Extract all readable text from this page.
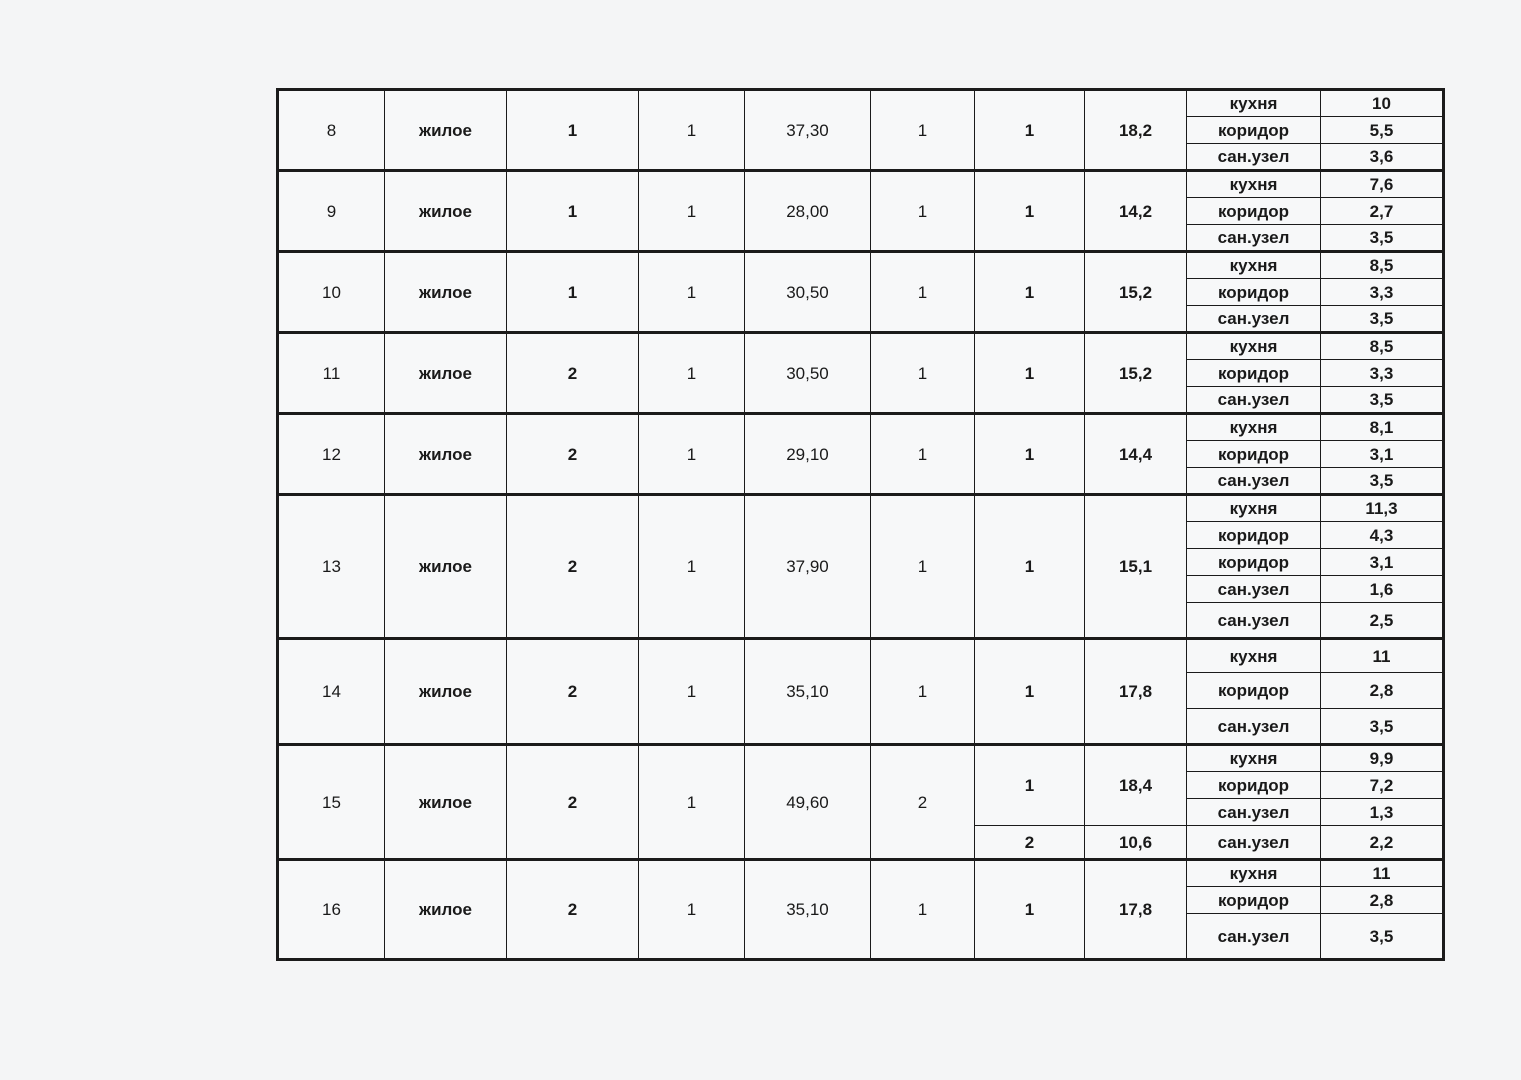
8	жилое	1	1	37,30	1	1	18,2	кухня	10
								коридор	5,5
								сан.узел	3,6
9	жилое	1	1	28,00	1	1	14,2	кухня	7,6
								коридор	2,7
								сан.узел	3,5
10	жилое	1	1	30,50	1	1	15,2	кухня	8,5
								коридор	3,3
								сан.узел	3,5
11	жилое	2	1	30,50	1	1	15,2	кухня	8,5
								коридор	3,3
								сан.узел	3,5
12	жилое	2	1	29,10	1	1	14,4	кухня	8,1
								коридор	3,1
								сан.узел	3,5
13	жилое	2	1	37,90	1	1	15,1	кухня	11,3
								коридор	4,3
								коридор	3,1
								сан.узел	1,6
								сан.узел	2,5
14	жилое	2	1	35,10	1	1	17,8	кухня	11
								коридор	2,8
								сан.узел	3,5
15	жилое	2	1	49,60	2	1	18,4	кухня	9,9
								коридор	7,2
								сан.узел	1,3
						2	10,6	сан.узел	2,2
16	жилое	2	1	35,10	1	1	17,8	кухня	11
								коридор	2,8
								сан.узел	3,5
